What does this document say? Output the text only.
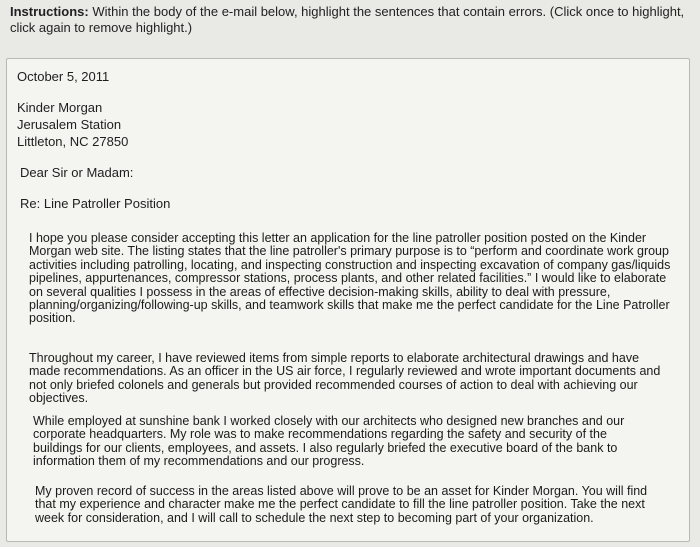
Instructions: Within the body of the e-mail below, highlight the sentences that contain errors. (Click once to highlight, click again to remove highlight.)
October 5, 2011
Kinder Morgan
Jerusalem Station
Littleton, NC 27850
Dear Sir or Madam:
Re: Line Patroller Position
I hope you please consider accepting this letter an application for the line patroller position posted on the Kinder Morgan web site. The listing states that the line patroller's primary purpose is to “perform and coordinate work group activities including patrolling, locating, and inspecting construction and inspecting excavation of company gas/liquids pipelines, appurtenances, compressor stations, process plants, and other related facilities.” I would like to elaborate on several qualities I possess in the areas of effective decision-making skills, ability to deal with pressure, planning/organizing/following-up skills, and teamwork skills that make me the perfect candidate for the Line Patroller position.
Throughout my career, I have reviewed items from simple reports to elaborate architectural drawings and have made recommendations. As an officer in the US air force, I regularly reviewed and wrote important documents and not only briefed colonels and generals but provided recommended courses of action to deal with achieving our objectives.
While employed at sunshine bank I worked closely with our architects who designed new branches and our corporate headquarters. My role was to make recommendations regarding the safety and security of the buildings for our clients, employees, and assets. I also regularly briefed the executive board of the bank to information them of my recommendations and our progress.
My proven record of success in the areas listed above will prove to be an asset for Kinder Morgan. You will find that my experience and character make me the perfect candidate to fill the line patroller position. Take the next week for consideration, and I will call to schedule the next step to becoming part of your organization.
